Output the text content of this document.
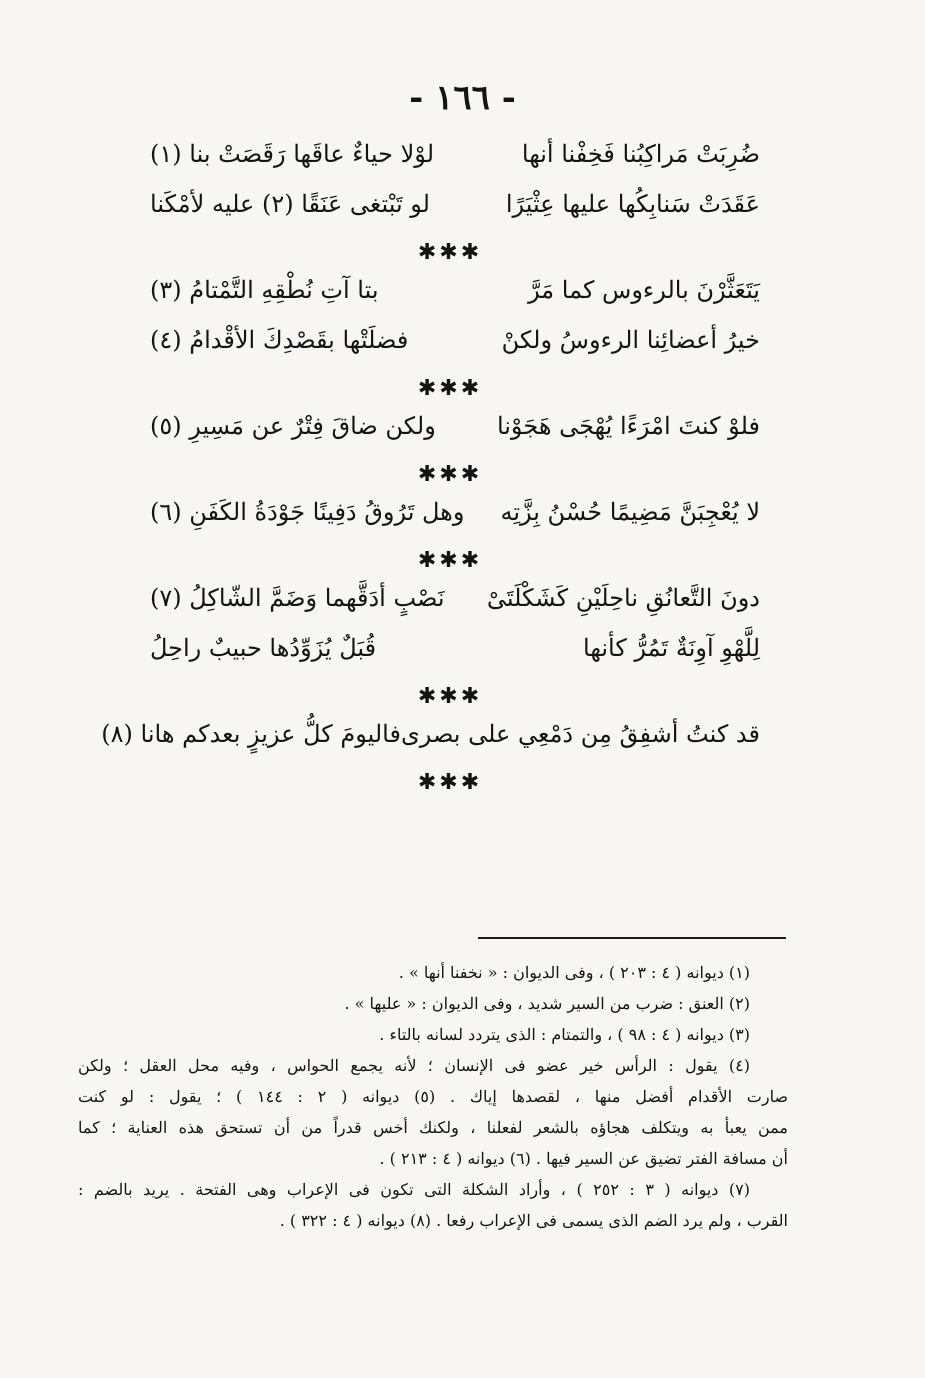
- ١٦٦ -
ضُرِبَتْ مَراكِبُنا فَخِفْنا أنها
لوْلا حياءٌ عاقَها رَقَصَتْ بنا (١)
عَقَدَتْ سَنابِكُها عليها عِثْيَرًا
لو تَبْتغى عَنَقًا (٢) عليه لأمْكَنا
✱✱✱
يَتَعَثَّرْنَ بالرءوس كما مَرَّ
بتا آتِ نُطْقِهِ التَّمْتامُ (٣)
خيرُ أعضائِنا الرءوسُ ولكنْ
فضلَتْها بقَصْدِكَ الأقْدامُ (٤)
✱✱✱
فلوْ كنتَ امْرَءًا يُهْجَى هَجَوْنا
ولكن ضاقَ فِتْرٌ عن مَسِيرِ (٥)
✱✱✱
لا يُعْجِبَنَّ مَضِيمًا حُسْنُ بِزَّتِه
وهل تَرُوقُ دَفِينًا جَوْدَةُ الكَفَنِ (٦)
✱✱✱
دونَ التَّعانُقِ ناحِلَيْنِ كَشَكْلَتَىْ
نَصْبٍ أدَقَّهما وَضَمَّ الشّاكِلُ (٧)
لِلَّهْوِ آوِنَةٌ تَمُرُّ كأنها
قُبَلٌ يُزَوِّدُها حبيبٌ راحِلُ
✱✱✱
قد كنتُ أشفِقُ مِن دَمْعِي على بصرى
فاليومَ كلُّ عزيزٍ بعدكم هانا (٨)
✱✱✱
(١) ديوانه ( ٤ : ٢٠٣ ) ، وفى الديوان : « نخفنا أنها » .
(٢) العنق : ضرب من السير شديد ، وفى الديوان : « عليها » .
(٣) ديوانه ( ٤ : ٩٨ ) ، والتمتام : الذى يتردد لسانه بالتاء .
(٤) يقول : الرأس خير عضو فى الإنسان ؛ لأنه يجمع الحواس ، وفيه محل العقل ؛ ولكن
صارت الأقدام أفضل منها ، لقصدها إياك . (٥) ديوانه ( ٢ : ١٤٤ ) ؛ يقول : لو كنت
ممن يعبأ به ويتكلف هجاؤه بالشعر لفعلنا ، ولكنك أخس قدراً من أن تستحق هذه العناية ؛ كما
أن مسافة الفتر تضيق عن السير فيها . (٦) ديوانه ( ٤ : ٢١٣ ) .
(٧) ديوانه ( ٣ : ٢٥٢ ) ، وأراد الشكلة التى تكون فى الإعراب وهى الفتحة . يريد بالضم :
القرب ، ولم يرد الضم الذى يسمى فى الإعراب رفعا . (٨) ديوانه ( ٤ : ٣٢٢ ) .
